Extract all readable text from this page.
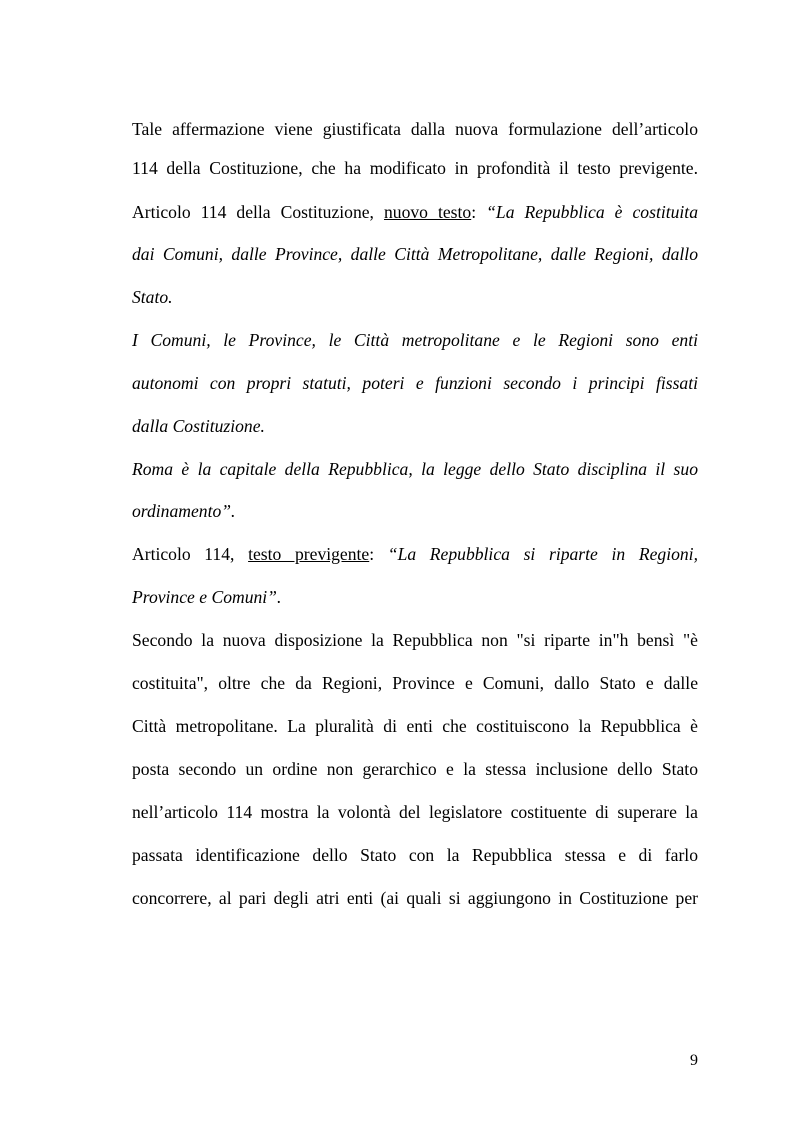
Tale affermazione viene giustificata dalla nuova formulazione dell’articolo
114 della Costituzione, che ha modificato in profondità il testo previgente.
Articolo 114 della Costituzione, nuovo testo: “La Repubblica è costituita
dai Comuni, dalle Province, dalle Città Metropolitane, dalle Regioni, dallo
Stato.
I Comuni, le Province, le Città metropolitane e le Regioni sono enti
autonomi con propri statuti, poteri e funzioni secondo i principi fissati
dalla Costituzione.
Roma è la capitale della Repubblica, la legge dello Stato disciplina il suo
ordinamento”.
Articolo 114, testo previgente: “La Repubblica si riparte in Regioni,
Province e Comuni”.
Secondo la nuova disposizione la Repubblica non "si riparte in"h bensì "è
costituita", oltre che da Regioni, Province e Comuni, dallo Stato e dalle
Città metropolitane. La pluralità di enti che costituiscono la Repubblica è
posta secondo un ordine non gerarchico e la stessa inclusione dello Stato
nell’articolo 114 mostra la volontà del legislatore costituente di superare la
passata identificazione dello Stato con la Repubblica stessa e di farlo
concorrere, al pari degli atri enti (ai quali si aggiungono in Costituzione per
9
